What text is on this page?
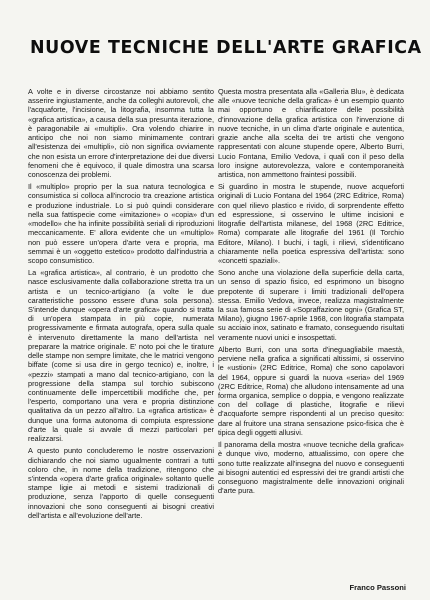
NUOVE TECNICHE DELL'ARTE GRAFICA

A volte e in diverse circostanze noi abbiamo sentito asserire ingiustamente, anche da colleghi autorevoli, che l'acquaforte, l'incisione, la litografia, insomma tutta la «grafica artistica», a causa della sua presunta iterazione, è paragonabile ai «multipli». Ora volendo chiarire in anticipo che noi non siamo minimamente contrari all'esistenza dei «multipli», ciò non significa ovviamente che non esista un errore d'interpretazione dei due diversi fenomeni che è equivoco, il quale dimostra una scarsa conoscenza dei problemi.

Il «multiplo» proprio per la sua natura tecnologica e consumistica si colloca all'incrocio tra creazione artistica e produzione industriale. Lo si può quindi considerare nella sua fattispecie come «imitazione» o «copia» d'un «modello» che ha infinite possibilità seriali di riproduzioni meccanicamente. E' allora evidente che un «multiplo» non può essere un'opera d'arte vera e propria, ma semmai è un «oggetto estetico» prodotto dall'industria a scopo consumistico.

La «grafica artistica», al contrario, è un prodotto che nasce esclusivamente dalla collaborazione stretta tra un artista e un tecnico-artigiano (a volte le due caratteristiche possono essere d'una sola persona). S'intende dunque «opera d'arte grafica» quando si tratta di un'opera stampata in più copie, numerata progressivamente e firmata autografa, opera sulla quale è intervenuto direttamente la mano dell'artista nel preparare la matrice originale. E' noto poi che le tirature delle stampe non sempre limitate, che le matrici vengono biffate (come si usa dire in gergo tecnico) e, inoltre, i «pezzi» stampati a mano dal tecnico-artigiano, con la progressione della stampa sul torchio subiscono continuamente delle impercettibili modifiche che, per l'esperto, comportano una vera e propria distinzione qualitativa da un pezzo all'altro. La «grafica artistica» è dunque una forma autonoma di compiuta espressione d'arte la quale si avvale di mezzi particolari per realizzarsi.

A questo punto concluderemo le nostre osservazioni dichiarando che noi siamo ugualmente contrari a tutti coloro che, in nome della tradizione, ritengono che s'intenda «opera d'arte grafica originale» soltanto quelle stampe ligie ai metodi e sistemi tradizionali di produzione, senza l'apporto di quelle conseguenti innovazioni che sono conseguenti ai bisogni creativi dell'artista e all'evoluzione dell'arte.

Questa mostra presentata alla «Galleria Blu», è dedicata alle «nuove tecniche della grafica» è un esempio quanto mai opportuno e chiarificatore delle possibilità d'innovazione della grafica artistica con l'invenzione di nuove tecniche, in un clima d'arte originale e autentica, grazie anche alla scelta dei tre artisti che vengono rappresentati con alcune stupende opere, Alberto Burri, Lucio Fontana, Emilio Vedova, i quali con il peso della loro insigne autorevolezza, valore e contemporaneità artistica, non ammettono fraintesi possibili.

Si guardino in mostra le stupende, nuove acqueforti originali di Lucio Fontana del 1964 (2RC Editrice, Roma) con quel rilievo plastico e rivido, di sorprendente effetto ed espressione, si osservino le ultime incisioni e litografie dell'artista milanese, del 1968 (2RC Editrice, Roma) comparate alle litografie del 1961 (Il Torchio Editore, Milano). I buchi, i tagli, i rilievi, s'identificano chiaramente nella poetica espressiva dell'artista: sono «concetti spaziali».

Sono anche una violazione della superficie della carta, un senso di spazio fisico, ed esprimono un bisogno prepotente di superare i limiti tradizionali dell'opera stessa. Emilio Vedova, inveсe, realizza magistralmente la sua famosa serie di «Sopraffazione ogni» (Grafica ST, Milano), giugno 1967-aprile 1968, con litografia stampata su acciaio inox, satinato e framato, conseguendo risultati veramente nuovi unici e insospettati.

Alberto Burri, con una sorta d'ineguagliabile maestà, perviene nella grafica a significati altissimi, si osservino le «ustioni» (2RC Editrice, Roma) che sono capolavori del 1964, oppure si guardi la nuova «seria» del 1969 (2RC Editrice, Roma) che alludono intensamente ad una forma organica, semplice o doppia, e vengono realizzate con del collage di plastiche, litografie e rilievi d'acquaforte sempre rispondenti al un preciso quesito: dare al fruitore una strana sensazione psico-fisica che è tipica degli oggetti allusivi.

Il panorama della mostra «nuove tecniche della grafica» è dunque vivo, moderno, attualissimo, con opere che sono tutte realizzate all'insegna del nuovo e conseguenti ai bisogni autentici ed espressivi dei tre grandi artisti che conseguono magistralmente delle innovazioni originali d'arte pura.

Franco Passoni
